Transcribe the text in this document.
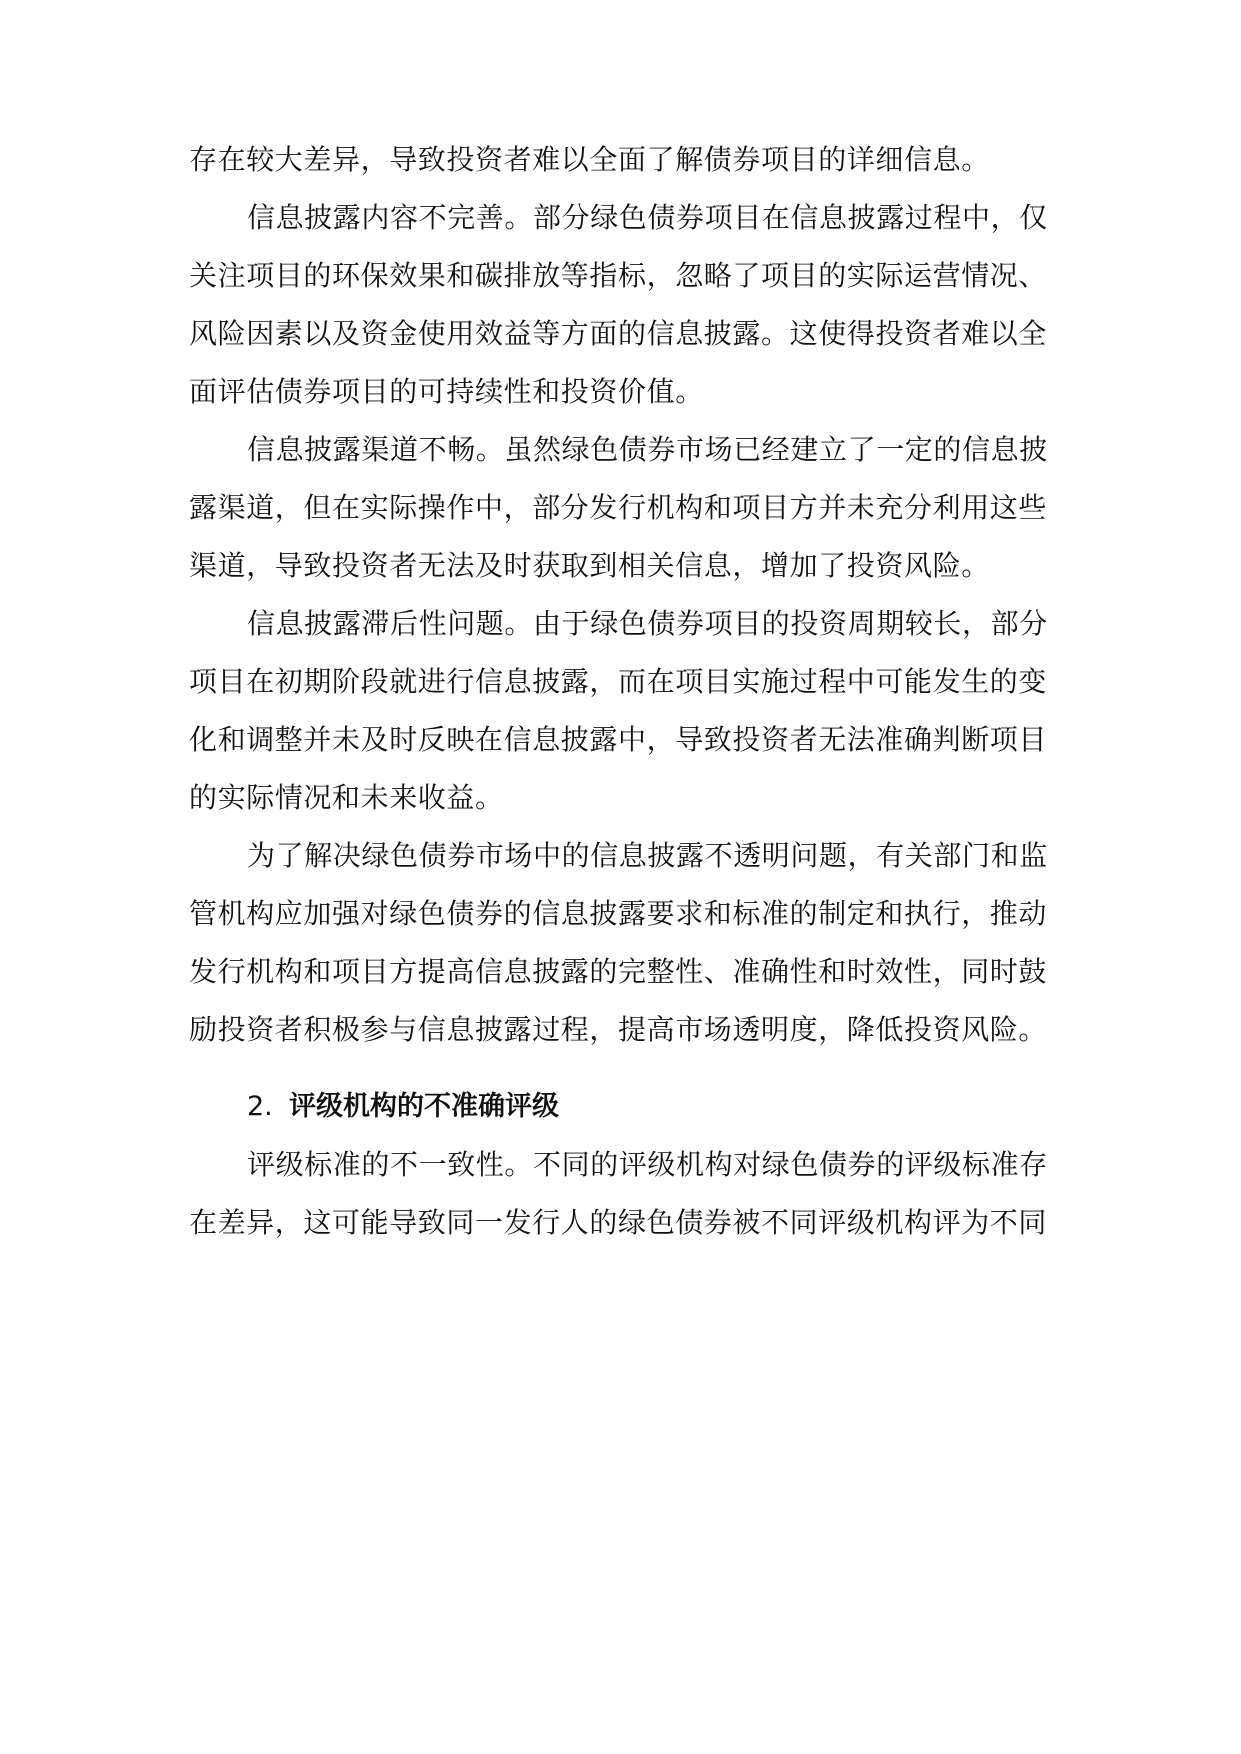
存在较大差异，导致投资者难以全面了解债券项目的详细信息。
信息披露内容不完善。部分绿色债券项目在信息披露过程中，仅
关注项目的环保效果和碳排放等指标，忽略了项目的实际运营情况、
风险因素以及资金使用效益等方面的信息披露。这使得投资者难以全
面评估债券项目的可持续性和投资价值。
信息披露渠道不畅。虽然绿色债券市场已经建立了一定的信息披
露渠道，但在实际操作中，部分发行机构和项目方并未充分利用这些
渠道，导致投资者无法及时获取到相关信息，增加了投资风险。
信息披露滞后性问题。由于绿色债券项目的投资周期较长，部分
项目在初期阶段就进行信息披露，而在项目实施过程中可能发生的变
化和调整并未及时反映在信息披露中，导致投资者无法准确判断项目
的实际情况和未来收益。
为了解决绿色债券市场中的信息披露不透明问题，有关部门和监
管机构应加强对绿色债券的信息披露要求和标准的制定和执行，推动
发行机构和项目方提高信息披露的完整性、准确性和时效性，同时鼓
励投资者积极参与信息披露过程，提高市场透明度，降低投资风险。
2. 评级机构的不准确评级
评级标准的不一致性。不同的评级机构对绿色债券的评级标准存
在差异，这可能导致同一发行人的绿色债券被不同评级机构评为不同
